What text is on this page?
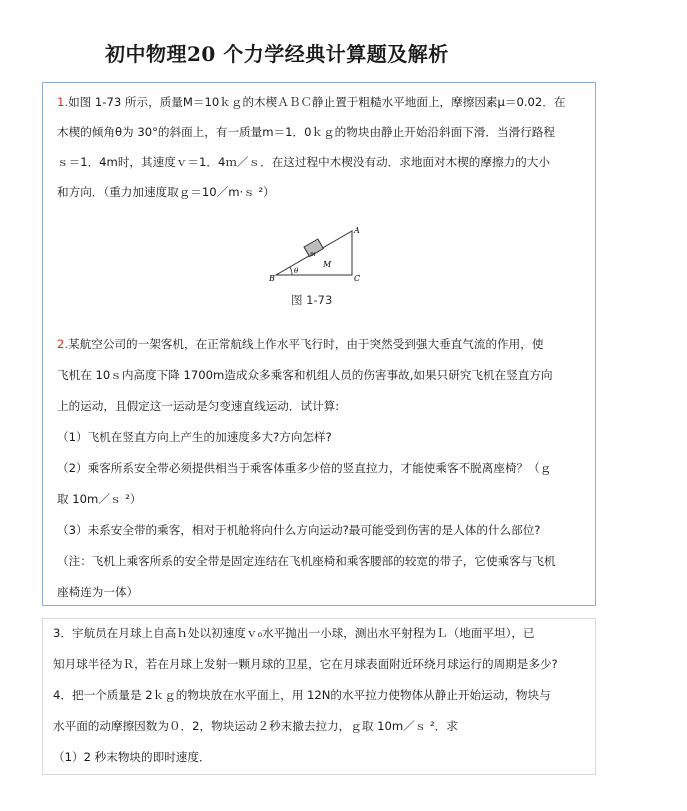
初中物理20 个力学经典计算题及解析
1.如图 1-73 所示，质量M＝10ｋｇ的木楔ＡＢＣ静止置于粗糙水平地面上，摩擦因素μ＝0.02．在
木楔的倾角θ为 30°的斜面上，有一质量m＝1．0ｋｇ的物块由静止开始沿斜面下滑．当滑行路程
ｓ＝1．4m时，其速度ｖ＝1．4ｍ／ｓ．在这过程中木楔没有动．求地面对木楔的摩擦力的大小
和方向．（重力加速度取ｇ＝10／m·ｓ ²）
A
B	C
M
m
θ
图 1-73
2.某航空公司的一架客机，在正常航线上作水平飞行时，由于突然受到强大垂直气流的作用，使
飞机在 10ｓ内高度下降 1700m造成众多乘客和机组人员的伤害事故,如果只研究飞机在竖直方向
上的运动，且假定这一运动是匀变速直线运动．试计算:
（1）飞机在竖直方向上产生的加速度多大?方向怎样?
（2）乘客所系安全带必须提供相当于乘客体重多少倍的竖直拉力，才能使乘客不脱离座椅？（ｇ
取 10m／ｓ ²）
（3）未系安全带的乘客，相对于机舱将向什么方向运动?最可能受到伤害的是人体的什么部位?
（注：飞机上乘客所系的安全带是固定连结在飞机座椅和乘客腰部的较宽的带子，它使乘客与飞机
座椅连为一体）
3．宇航员在月球上自高ｈ处以初速度ｖ₀水平抛出一小球，测出水平射程为Ｌ（地面平坦），已
知月球半径为Ｒ，若在月球上发射一颗月球的卫星，它在月球表面附近环绕月球运行的周期是多少?
4．把一个质量是 2ｋｇ的物块放在水平面上，用 12N的水平拉力使物体从静止开始运动，物块与
水平面的动摩擦因数为０．2，物块运动２秒末撤去拉力，ｇ取 10m／ｓ ²．求
（1）2 秒末物块的即时速度．
